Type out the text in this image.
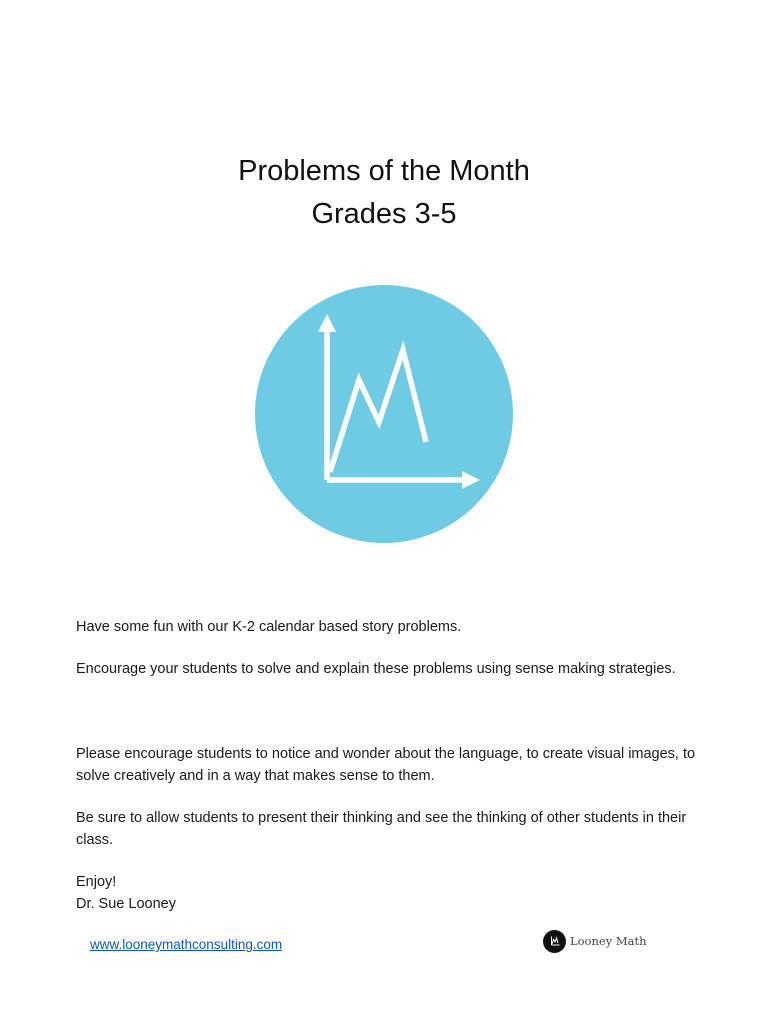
Problems of the Month
Grades 3-5

Have some fun with our K-2 calendar based story problems.

Encourage your students to solve and explain these problems using sense making strategies.

Please encourage students to notice and wonder about the language, to create visual images, to solve creatively and in a way that makes sense to them.

Be sure to allow students to present their thinking and see the thinking of other students in their class.

Enjoy!
Dr. Sue Looney
www.looneymathconsulting.com	Looney Math
